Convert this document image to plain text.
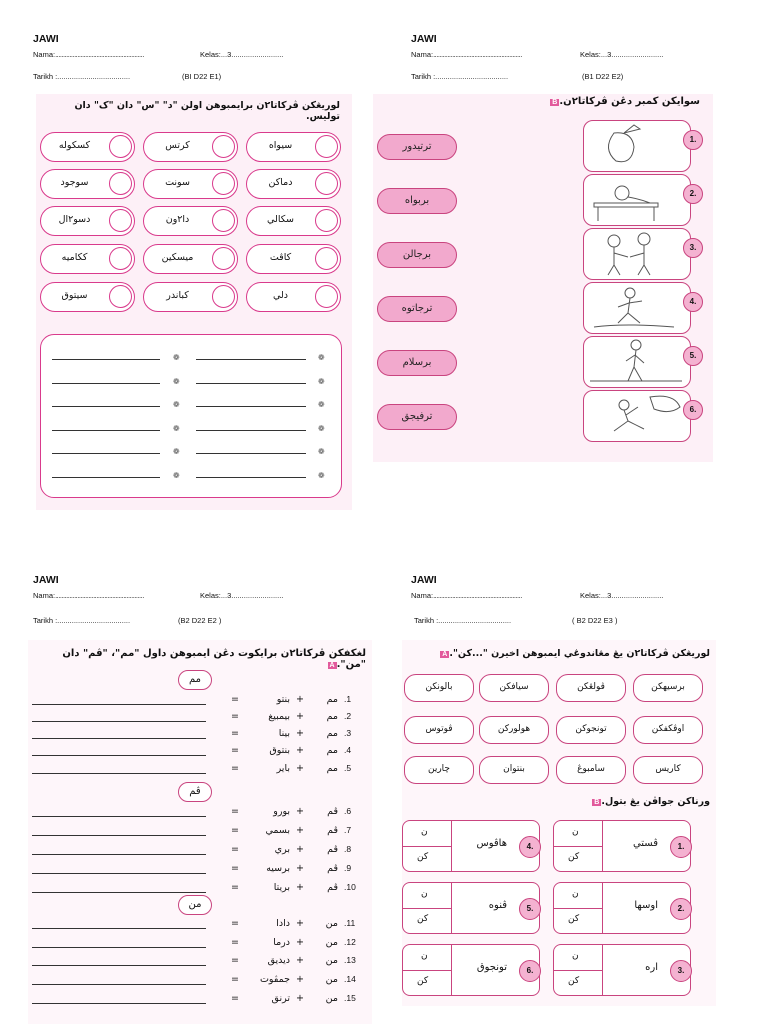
JAWI
Nama:........................................................	Kelas:...3.........................
Tarikh :...................................	(BI D22 E1)
لوريڠكن ڤركاتا٢ن برايمبوهن اولن "د" "س" دان "ک" دان توليس.
سيواه
كرتس
كسكوله
دماكن
سونت
سوجود
سكالي
دا٢ون
دسو٢ال
كاڤت
ميسكين
ككاميه
دلي
كباندر
سيتوق
❁	❁
❁	❁
❁	❁
❁	❁
❁	❁
❁	❁
JAWI
Nama:........................................................	Kelas:...3.........................
Tarikh :...................................	(B1 D22 E2)
سوايكن كمبر دڠن ڤركاتا٢ن.B
ترتيدور
1.
بربواه
2.
برجالن
3.
ترجاتوه
4.
برسلام
5.
ترفيجق
6.
JAWI
Nama:........................................................	Kelas:...3.........................
Tarikh :...................................	(B2 D22 E2 )
لغكفكن ڤركاتا٢ن برايكوت دڠن ايمبوهن داول "مم"، "ڤم" دان "من".A
مم
ڤم
من
=	بنتو +	مم .1
=	بيمبيغ +	مم .2
=	بينا +	مم .3
=	بنتوق +	مم .4
=	باير +	مم .5
=	بورو +	ڤم .6
=	بسمي +	ڤم .7
=	بري +	ڤم .8
=	برسيه +	ڤم .9
=	بريتا +	ڤم .10
=	دادا +	من .11
=	درما +	من .12
=	ديديق +	من .13
=	جمڤوت +	من .14
=	ترنق +	من .15
JAWI
Nama:........................................................	Kelas:...3.........................
Tarikh :...................................	( B2 D22 E3 )
لوريڠكن ڤركاتا٢ن يڠ مڠاندوڠي ايمبوهن اخيرن "...كن".A
برسيهكن
ڤولڠكن
سيافكن
بالونكن
اوڤكفكن
تونجوكن
هولوركن
ڤوتوس
كاريس
سامبوڠ
بنتوان
چارين
ورناكن جواڤن يڠ بتول.B
ن
كن
ڤستي	1.
ن
كن
هاڤوس	4.
ن
كن
اوسها	2.
ن
كن
ڤنوه	5.
ن
كن
اره	3.
ن
كن
تونجوق	6.
